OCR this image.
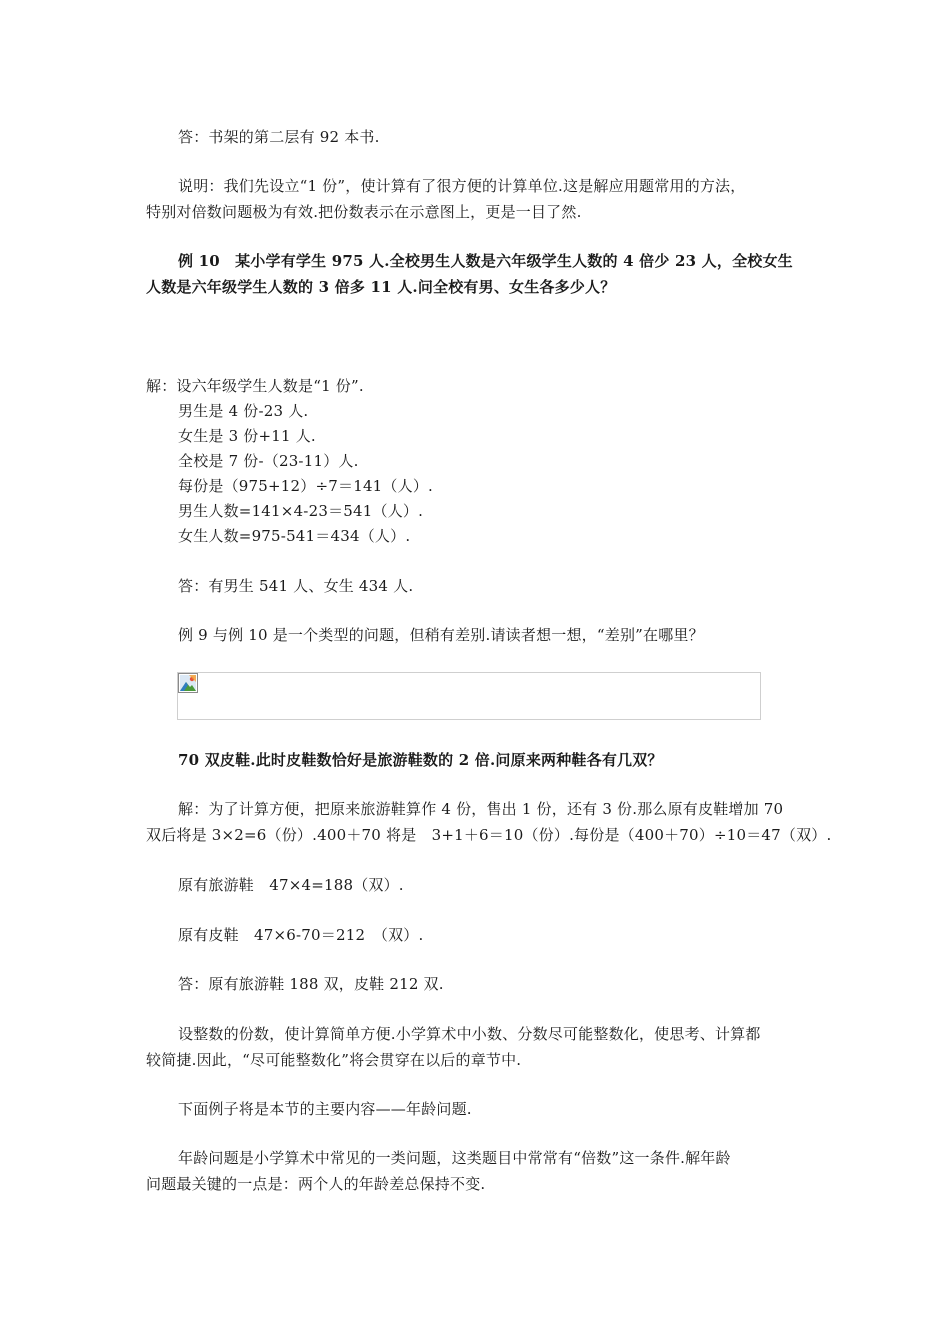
答：书架的第二层有 92 本书.
说明：我们先设立“1 份”，使计算有了很方便的计算单位.这是解应用题常用的方法，
特别对倍数问题极为有效.把份数表示在示意图上，更是一目了然.
例 10　某小学有学生 975 人.全校男生人数是六年级学生人数的 4 倍少 23 人，全校女生
人数是六年级学生人数的 3 倍多 11 人.问全校有男、女生各多少人？
解：设六年级学生人数是“1 份”.
男生是 4 份-23 人.
女生是 3 份+11 人.
全校是 7 份-（23-11）人.
每份是（975+12）÷7＝141（人）.
男生人数=141×4-23＝541（人）.
女生人数=975-541＝434（人）.
答：有男生 541 人、女生 434 人.
例 9 与例 10 是一个类型的问题，但稍有差别.请读者想一想，“差别”在哪里？
70 双皮鞋.此时皮鞋数恰好是旅游鞋数的 2 倍.问原来两种鞋各有几双？
解：为了计算方便，把原来旅游鞋算作 4 份，售出 1 份，还有 3 份.那么原有皮鞋增加 70
双后将是 3×2=6（份）.400＋70 将是　3+1＋6＝10（份）.每份是（400＋70）÷10＝47（双）.
原有旅游鞋　47×4=188（双）.
原有皮鞋　47×6-70＝212　（双）.
答：原有旅游鞋 188 双，皮鞋 212 双.
设整数的份数，使计算简单方便.小学算术中小数、分数尽可能整数化，使思考、计算都
较简捷.因此，“尽可能整数化”将会贯穿在以后的章节中.
下面例子将是本节的主要内容——年龄问题.
年龄问题是小学算术中常见的一类问题，这类题目中常常有“倍数”这一条件.解年龄
问题最关键的一点是：两个人的年龄差总保持不变.
